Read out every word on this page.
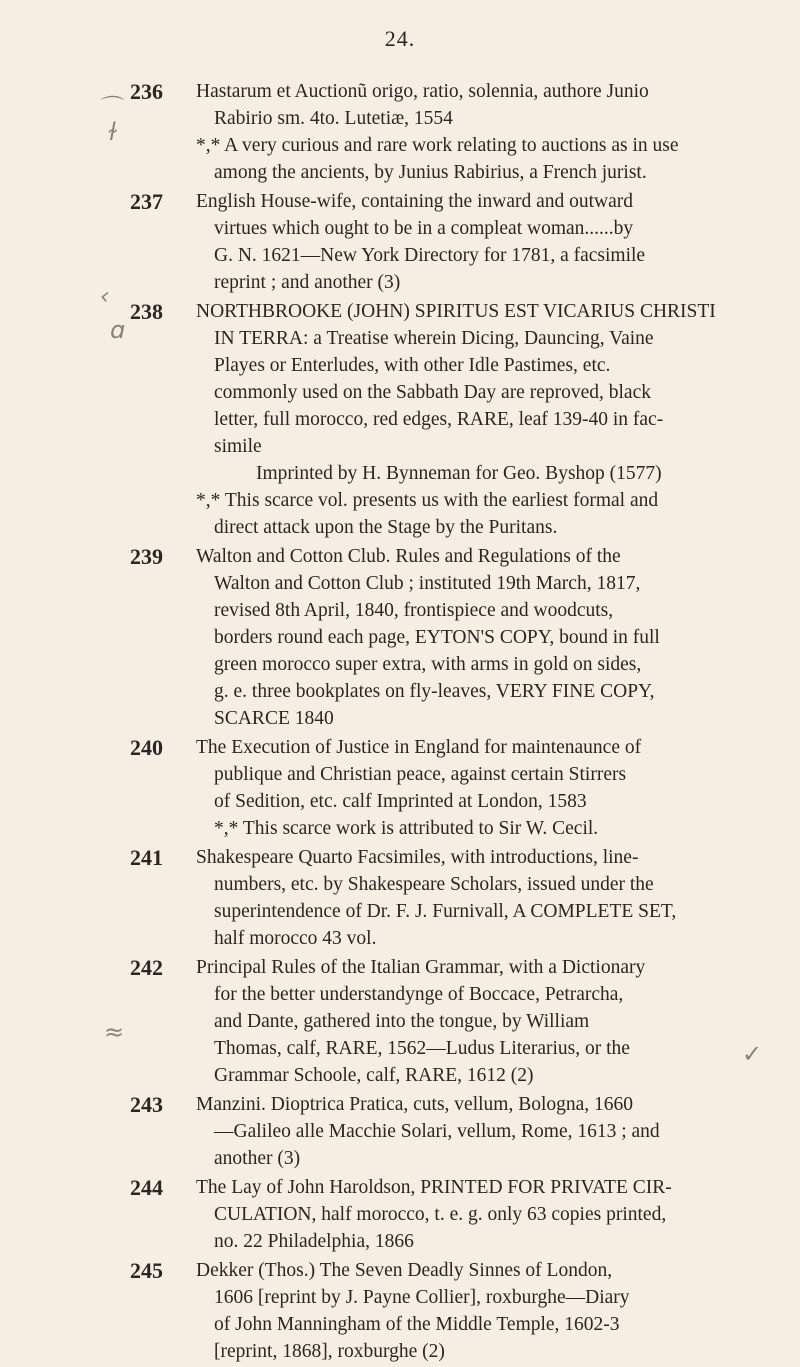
24.
⌒
ɫ
‹
ɑ
≈
✓
236	Hastarum et Auctionũ origo, ratio, solennia, authore Junio
Rabirio sm. 4to. Lutetiæ, 1554
*,* A very curious and rare work relating to auctions as in use
among the ancients, by Junius Rabirius, a French jurist.
237	English House-wife, containing the inward and outward
virtues which ought to be in a compleat woman......by
G. N. 1621—New York Directory for 1781, a facsimile
reprint ; and another (3)
238	NORTHBROOKE (JOHN) SPIRITUS EST VICARIUS CHRISTI
IN TERRA: a Treatise wherein Dicing, Dauncing, Vaine
Playes or Enterludes, with other Idle Pastimes, etc.
commonly used on the Sabbath Day are reproved, black
letter, full morocco, red edges, RARE, leaf 139-40 in fac-
simile
Imprinted by H. Bynneman for Geo. Byshop (1577)
*,* This scarce vol. presents us with the earliest formal and
direct attack upon the Stage by the Puritans.
239	Walton and Cotton Club. Rules and Regulations of the
Walton and Cotton Club ; instituted 19th March, 1817,
revised 8th April, 1840, frontispiece and woodcuts,
borders round each page, EYTON'S COPY, bound in full
green morocco super extra, with arms in gold on sides,
g. e. three bookplates on fly-leaves, VERY FINE COPY,
SCARCE 1840
240	The Execution of Justice in England for maintenaunce of
publique and Christian peace, against certain Stirrers
of Sedition, etc. calf Imprinted at London, 1583
*,* This scarce work is attributed to Sir W. Cecil.
241	Shakespeare Quarto Facsimiles, with introductions, line-
numbers, etc. by Shakespeare Scholars, issued under the
superintendence of Dr. F. J. Furnivall, A COMPLETE SET,
half morocco 43 vol.
242	Principal Rules of the Italian Grammar, with a Dictionary
for the better understandynge of Boccace, Petrarcha,
and Dante, gathered into the tongue, by William
Thomas, calf, RARE, 1562—Ludus Literarius, or the
Grammar Schoole, calf, RARE, 1612 (2)
243	Manzini. Dioptrica Pratica, cuts, vellum, Bologna, 1660
—Galileo alle Macchie Solari, vellum, Rome, 1613 ; and
another (3)
244	The Lay of John Haroldson, PRINTED FOR PRIVATE CIR-
CULATION, half morocco, t. e. g. only 63 copies printed,
no. 22 Philadelphia, 1866
245	Dekker (Thos.) The Seven Deadly Sinnes of London,
1606 [reprint by J. Payne Collier], roxburghe—Diary
of John Manningham of the Middle Temple, 1602-3
[reprint, 1868], roxburghe (2)
